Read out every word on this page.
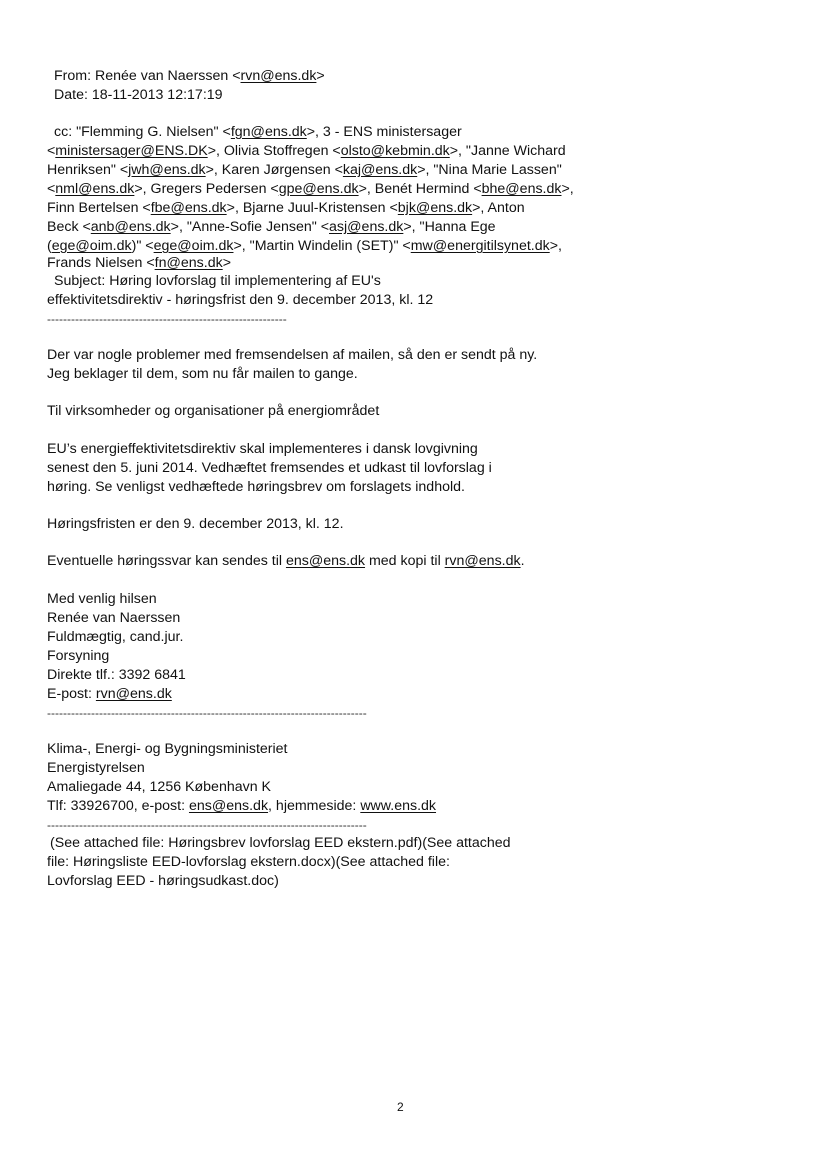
From: Renée van Naerssen <rvn@ens.dk>
Date: 18-11-2013 12:17:19
cc: "Flemming G. Nielsen" <fgn@ens.dk>, 3 - ENS ministersager
<ministersager@ENS.DK>, Olivia Stoffregen <olsto@kebmin.dk>, "Janne Wichard
Henriksen" <jwh@ens.dk>, Karen Jørgensen <kaj@ens.dk>, "Nina Marie Lassen"
<nml@ens.dk>, Gregers Pedersen <gpe@ens.dk>, Benét Hermind <bhe@ens.dk>,
Finn Bertelsen <fbe@ens.dk>, Bjarne Juul-Kristensen <bjk@ens.dk>, Anton
Beck <anb@ens.dk>, "Anne-Sofie Jensen" <asj@ens.dk>, "Hanna Ege
(ege@oim.dk)" <ege@oim.dk>, "Martin Windelin (SET)" <mw@energitilsynet.dk>,
Frands Nielsen <fn@ens.dk>
Subject: Høring lovforslag til implementering af EU's
effektivitetsdirektiv - høringsfrist den 9. december 2013, kl. 12
------------------------------------------------------------
Der var nogle problemer med fremsendelsen af mailen, så den er sendt på ny.
Jeg beklager til dem, som nu får mailen to gange.
Til virksomheder og organisationer på energiområdet
EU’s energieffektivitetsdirektiv skal implementeres i dansk lovgivning
senest den 5. juni 2014. Vedhæftet fremsendes et udkast til lovforslag i
høring. Se venligst vedhæftede høringsbrev om forslagets indhold.
Høringsfristen er den 9. december 2013, kl. 12.
Eventuelle høringssvar kan sendes til ens@ens.dk med kopi til rvn@ens.dk.
Med venlig hilsen
Renée van Naerssen
Fuldmægtig, cand.jur.
Forsyning
Direkte tlf.: 3392 6841
E-post: rvn@ens.dk
--------------------------------------------------------------------------------
Klima-, Energi- og Bygningsministeriet
Energistyrelsen
Amaliegade 44, 1256 København K
Tlf: 33926700, e-post: ens@ens.dk, hjemmeside: www.ens.dk
--------------------------------------------------------------------------------
(See attached file: Høringsbrev lovforslag EED ekstern.pdf)(See attached
file: Høringsliste EED-lovforslag ekstern.docx)(See attached file:
Lovforslag EED - høringsudkast.doc)
2
